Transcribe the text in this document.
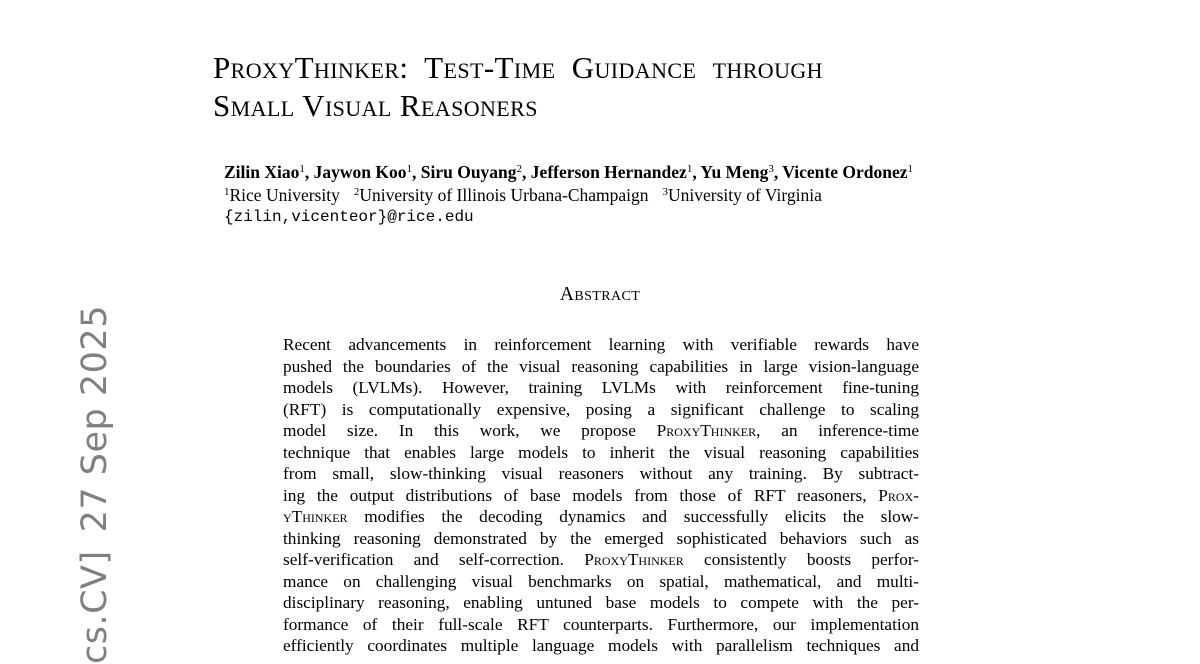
cs.CV]27 Sep 2025
ProxyThinker:  Test-Time  Guidance  through
Small Visual Reasoners
Zilin Xiao$^1$, Jaywon Koo$^1$, Siru Ouyang$^2$, Jefferson Hernandez$^1$, Yu Meng$^3$, Vicente Ordonez$^1$
$^1$Rice University $^2$University of Illinois Urbana-Champaign $^3$University of Virginia
{zilin,vicenteor}@rice.edu
Abstract
Recent advancements in reinforcement learning with verifiable rewards have
pushed the boundaries of the visual reasoning capabilities in large vision-language
models (LVLMs). However, training LVLMs with reinforcement fine-tuning
(RFT) is computationally expensive, posing a significant challenge to scaling
model size. In this work, we propose ProxyThinker, an inference-time
technique that enables large models to inherit the visual reasoning capabilities
from small, slow-thinking visual reasoners without any training. By subtract-
ing the output distributions of base models from those of RFT reasoners, Prox-
yThinker modifies the decoding dynamics and successfully elicits the slow-
thinking reasoning demonstrated by the emerged sophisticated behaviors such as
self-verification and self-correction. ProxyThinker consistently boosts perfor-
mance on challenging visual benchmarks on spatial, mathematical, and multi-
disciplinary reasoning, enabling untuned base models to compete with the per-
formance of their full-scale RFT counterparts. Furthermore, our implementation
efficiently coordinates multiple language models with parallelism techniques and
